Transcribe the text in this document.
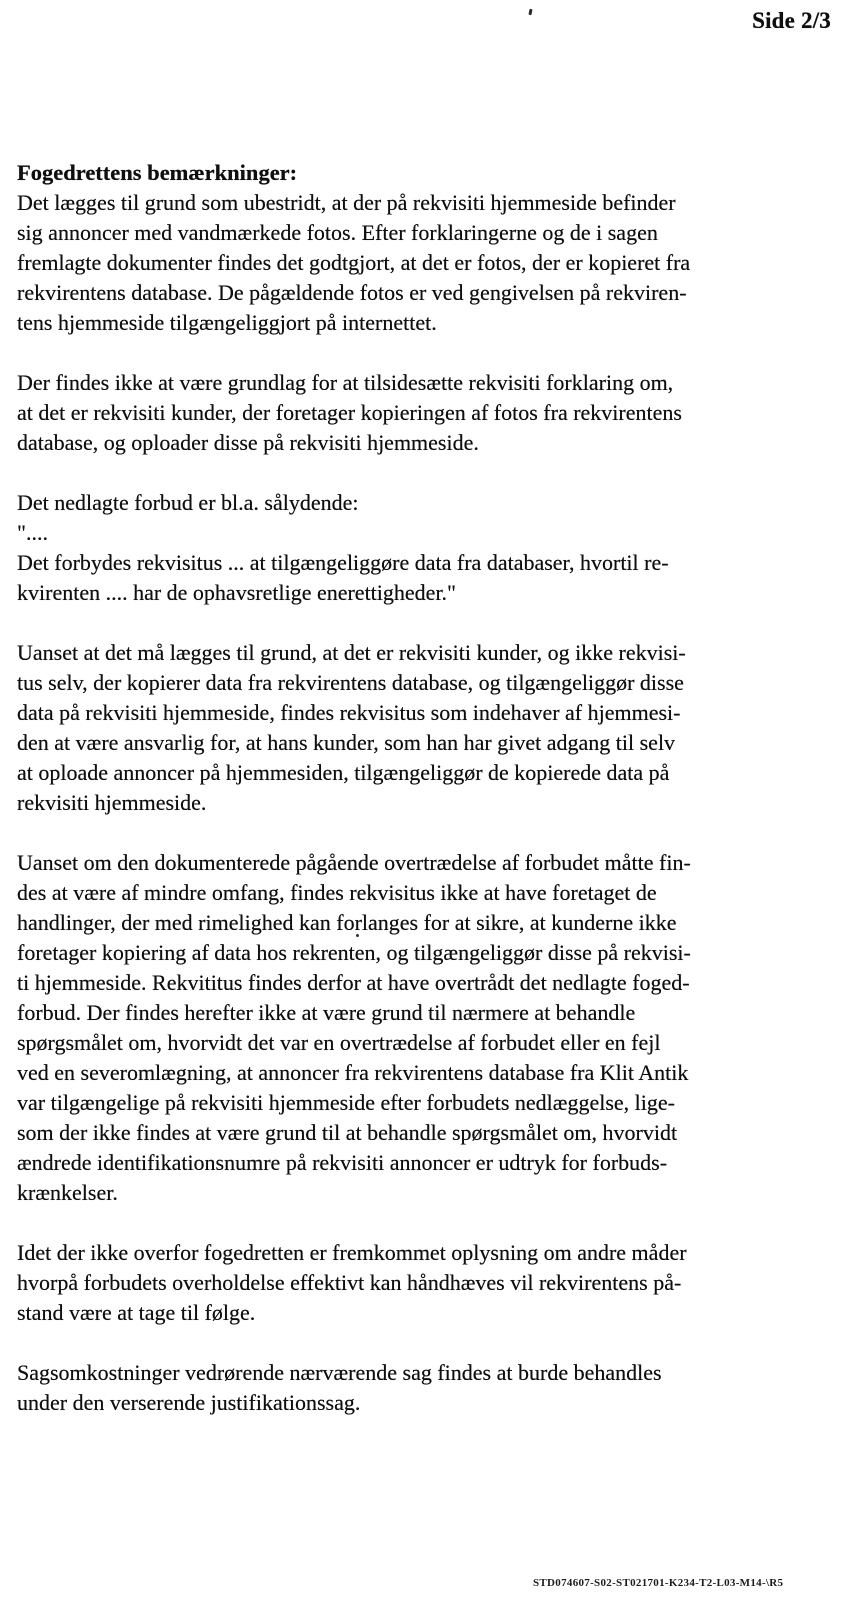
Side 2/3
Fogedrettens bemærkninger:

Det lægges til grund som ubestridt, at der på rekvisiti hjemmeside befinder
sig annoncer med vandmærkede fotos. Efter forklaringerne og de i sagen
fremlagte dokumenter findes det godtgjort, at det er fotos, der er kopieret fra
rekvirentens database. De pågældende fotos er ved gengivelsen på rekviren-
tens hjemmeside tilgængeliggjort på internettet.

Der findes ikke at være grundlag for at tilsidesætte rekvisiti forklaring om,
at det er rekvisiti kunder, der foretager kopieringen af fotos fra rekvirentens
database, og oploader disse på rekvisiti hjemmeside.

Det nedlagte forbud er bl.a. sålydende:
"....
Det forbydes rekvisitus ... at tilgængeliggøre data fra databaser, hvortil re-
kvirenten .... har de ophavsretlige enerettigheder."

Uanset at det må lægges til grund, at det er rekvisiti kunder, og ikke rekvisi-
tus selv, der kopierer data fra rekvirentens database, og tilgængeliggør disse
data på rekvisiti hjemmeside, findes rekvisitus som indehaver af hjemmesi-
den at være ansvarlig for, at hans kunder, som han har givet adgang til selv
at oploade annoncer på hjemmesiden, tilgængeliggør de kopierede data på
rekvisiti hjemmeside.

Uanset om den dokumenterede pågående overtrædelse af forbudet måtte fin-
des at være af mindre omfang, findes rekvisitus ikke at have foretaget de
handlinger, der med rimelighed kan forlanges for at sikre, at kunderne ikke
foretager kopiering af data hos rekrenten, og tilgængeliggør disse på rekvisi-
ti hjemmeside. Rekvititus findes derfor at have overtrådt det nedlagte foged-
forbud. Der findes herefter ikke at være grund til nærmere at behandle
spørgsmålet om, hvorvidt det var en overtrædelse af forbudet eller en fejl
ved en severomlægning, at annoncer fra rekvirentens database fra Klit Antik
var tilgængelige på rekvisiti hjemmeside efter forbudets nedlæggelse, lige-
som der ikke findes at være grund til at behandle spørgsmålet om, hvorvidt
ændrede identifikationsnumre på rekvisiti annoncer er udtryk for forbuds-
krænkelser.

Idet der ikke overfor fogedretten er fremkommet oplysning om andre måder
hvorpå forbudets overholdelse effektivt kan håndhæves vil rekvirentens på-
stand være at tage til følge.

Sagsomkostninger vedrørende nærværende sag findes at burde behandles
under den verserende justifikationssag.

STD074607-S02-ST021701-K234-T2-L03-M14-\R5
